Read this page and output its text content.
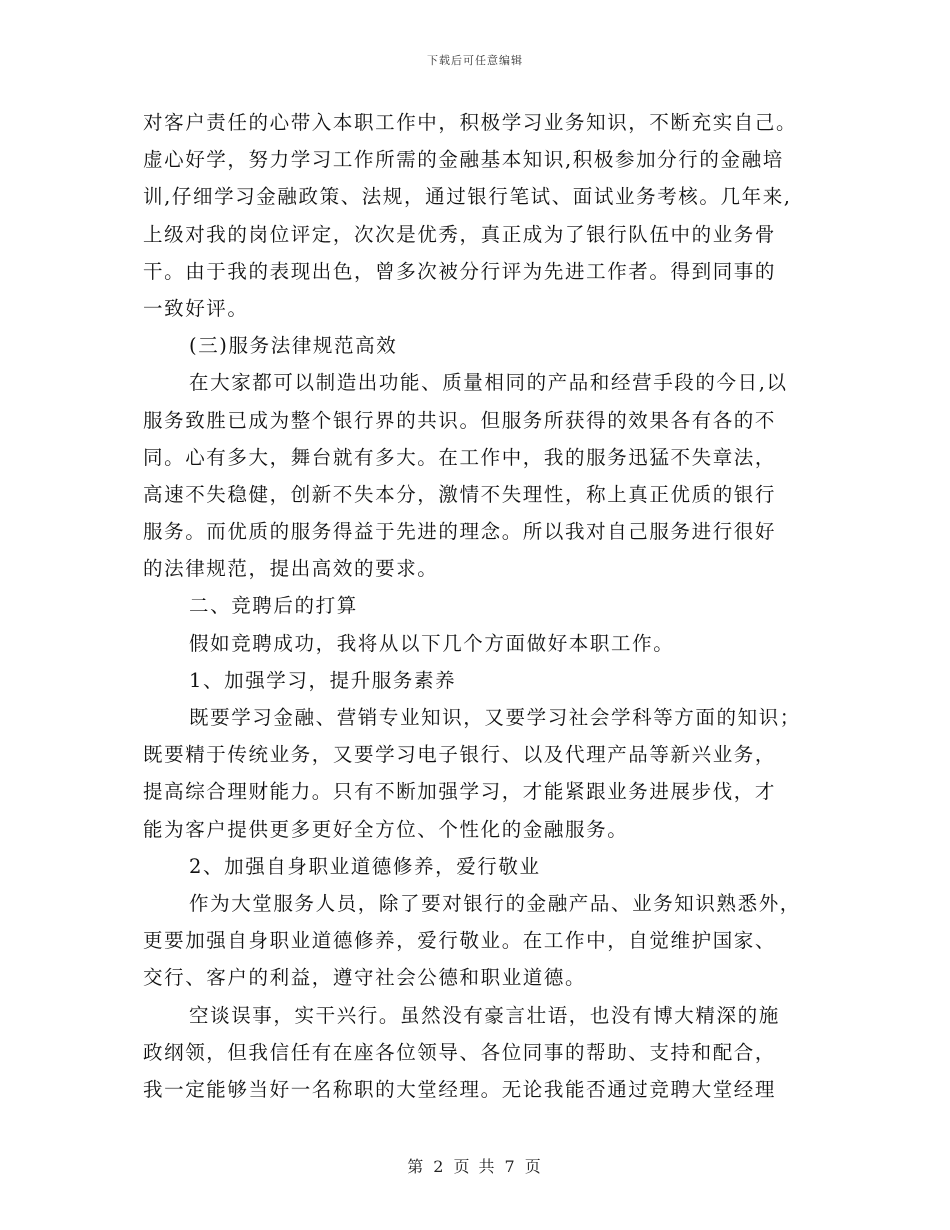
下载后可任意编辑
对客户责任的心带入本职工作中，积极学习业务知识，不断充实自己。
虚心好学，努力学习工作所需的金融基本知识,积极参加分行的金融培
训,仔细学习金融政策、法规，通过银行笔试、面试业务考核。几年来,
上级对我的岗位评定，次次是优秀，真正成为了银行队伍中的业务骨
干。由于我的表现出色，曾多次被分行评为先进工作者。得到同事的
一致好评。
(三)服务法律规范高效
在大家都可以制造出功能、质量相同的产品和经营手段的今日,以
服务致胜已成为整个银行界的共识。但服务所获得的效果各有各的不
同。心有多大，舞台就有多大。在工作中，我的服务迅猛不失章法，
高速不失稳健，创新不失本分，激情不失理性，称上真正优质的银行
服务。而优质的服务得益于先进的理念。所以我对自己服务进行很好
的法律规范，提出高效的要求。
二、竞聘后的打算
假如竞聘成功，我将从以下几个方面做好本职工作。
1、加强学习，提升服务素养
既要学习金融、营销专业知识，又要学习社会学科等方面的知识；
既要精于传统业务，又要学习电子银行、以及代理产品等新兴业务，
提高综合理财能力。只有不断加强学习，才能紧跟业务进展步伐，才
能为客户提供更多更好全方位、个性化的金融服务。
2、加强自身职业道德修养，爱行敬业
作为大堂服务人员，除了要对银行的金融产品、业务知识熟悉外，
更要加强自身职业道德修养，爱行敬业。在工作中，自觉维护国家、
交行、客户的利益，遵守社会公德和职业道德。
空谈误事，实干兴行。虽然没有豪言壮语，也没有博大精深的施
政纲领，但我信任有在座各位领导、各位同事的帮助、支持和配合，
我一定能够当好一名称职的大堂经理。无论我能否通过竞聘大堂经理
第 2 页 共 7 页
